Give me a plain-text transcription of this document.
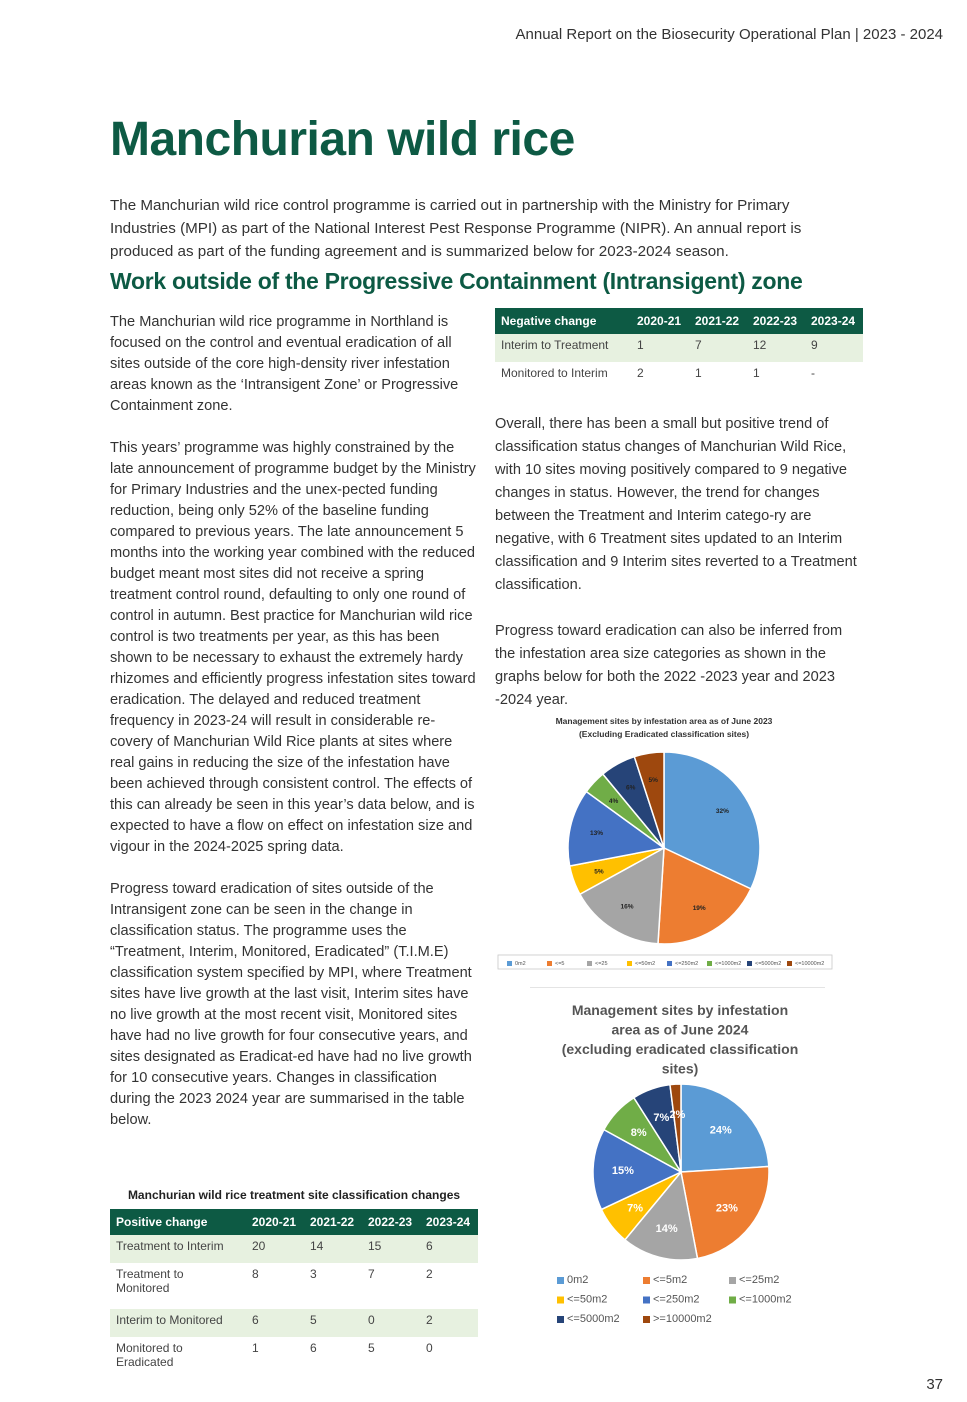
Annual Report on the Biosecurity Operational Plan | 2023 - 2024
Manchurian wild rice

The Manchurian wild rice control programme is carried out in partnership with the Ministry for Primary Industries (MPI) as part of the National Interest Pest Response Programme (NIPR). An annual report is produced as part of the funding agreement and is summarized below for 2023-2024 season.

Work outside of the Progressive Containment (Intransigent) zone

The Manchurian wild rice programme in Northland is focused on the control and eventual eradication of all sites outside of the core high-density river infestation areas known as the ‘Intransigent Zone’ or Progressive Containment zone.

This years’ programme was highly constrained by the late announcement of programme budget by the Ministry for Primary Industries and the unex-pected funding reduction, being only 52% of the baseline funding compared to previous years. The late announcement 5 months into the working year combined with the reduced budget meant most sites did not receive a spring treatment control round, defaulting to only one round of control in autumn. Best practice for Manchurian wild rice control is two treatments per year, as this has been shown to be necessary to exhaust the extremely hardy rhizomes and efficiently progress infestation sites toward eradication. The delayed and reduced treatment frequency in 2023-24 will result in considerable re-covery of Manchurian Wild Rice plants at sites where real gains in reducing the size of the infestation have been achieved through consistent control. The effects of this can already be seen in this year’s data below, and is expected to have a flow on effect on infestation size and vigour in the 2024-2025 spring data.

Progress toward eradication of sites outside of the Intransigent zone can be seen in the change in classification status. The programme uses the “Treatment, Interim, Monitored, Eradicated” (T.I.M.E) classification system specified by MPI, where Treatment sites have live growth at the last visit, Interim sites have no live growth at the most recent visit, Monitored sites have had no live growth for four consecutive years, and sites designated as Eradicat-ed have had no live growth for 10 consecutive years. Changes in classification during the 2023 2024 year are summarised in the table below.

Manchurian wild rice treatment site classification changes
Positive change	2020-21	2021-22	2022-23	2023-24
Treatment to Interim	20	14	15	6
Treatment to Monitored	8	3	7	2
Interim to Monitored	6	5	0	2
Monitored to Eradicated	1	6	5	0
Negative change	2020-21	2021-22	2022-23	2023-24
Interim to Treatment	1	7	12	9
Monitored to Interim	2	1	1	-

Overall, there has been a small but positive trend of classification status changes of Manchurian Wild Rice, with 10 sites moving positively compared to 9 negative changes in status. However, the trend for changes between the Treatment and Interim catego-ry are negative, with 6 Treatment sites updated to an Interim classification and 9 Interim sites reverted to a Treatment classification.

Progress toward eradication can also be inferred from the infestation area size categories as shown in the graphs below for both the 2022 -2023 year and 2023 -2024 year.

Management sites by infestation area as of June 2023
(Excluding Eradicated classification sites)
32%
19%
16%
5%
13%
4%
6%
5%
0m2	<=5	<=25	<=50m2	<=250m2	<=1000m2 <=5000m2 <=10000m2
Management sites by infestation
area as of June 2024
(excluding eradicated classification
sites)
24%
23%
14%
7%
15%
8%
7% 2%
0m2	<=5m2	<=25m2
<=50m2	<=250m2	<=1000m2
<=5000m2	>=10000m2
37
